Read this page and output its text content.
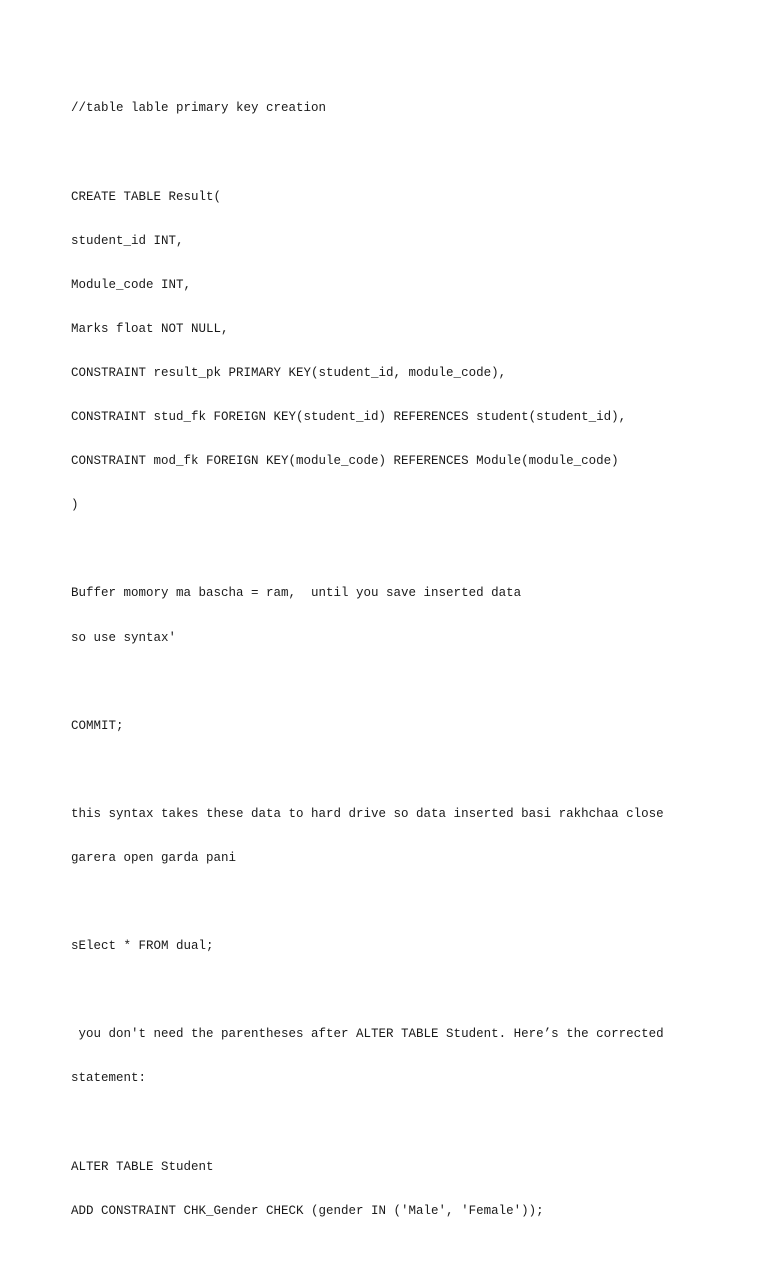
//table lable primary key creation

CREATE TABLE Result(

student_id INT,

Module_code INT,

Marks float NOT NULL,

CONSTRAINT result_pk PRIMARY KEY(student_id, module_code),

CONSTRAINT stud_fk FOREIGN KEY(student_id) REFERENCES student(student_id),

CONSTRAINT mod_fk FOREIGN KEY(module_code) REFERENCES Module(module_code)

)

Buffer momory ma bascha = ram,  until you save inserted data

so use syntax'

COMMIT;

this syntax takes these data to hard drive so data inserted basi rakhchaa close

garera open garda pani

sElect * FROM dual;

you don't need the parentheses after ALTER TABLE Student. Here’s the corrected

statement:

ALTER TABLE Student

ADD CONSTRAINT CHK_Gender CHECK (gender IN ('Male', 'Female'));
